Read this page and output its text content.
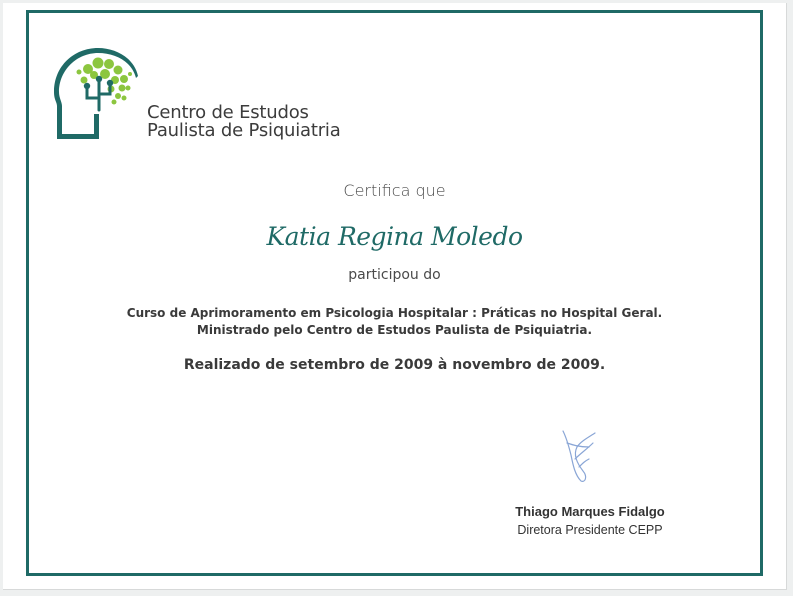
Centro de Estudos
Paulista de Psiquiatria
Certifica que
Katia Regina Moledo
participou do
Curso de Aprimoramento em Psicologia Hospitalar : Práticas no Hospital Geral.
Ministrado pelo Centro de Estudos Paulista de Psiquiatria.
Realizado de setembro de 2009 à novembro de 2009.
Thiago Marques Fidalgo
Diretora Presidente CEPP
